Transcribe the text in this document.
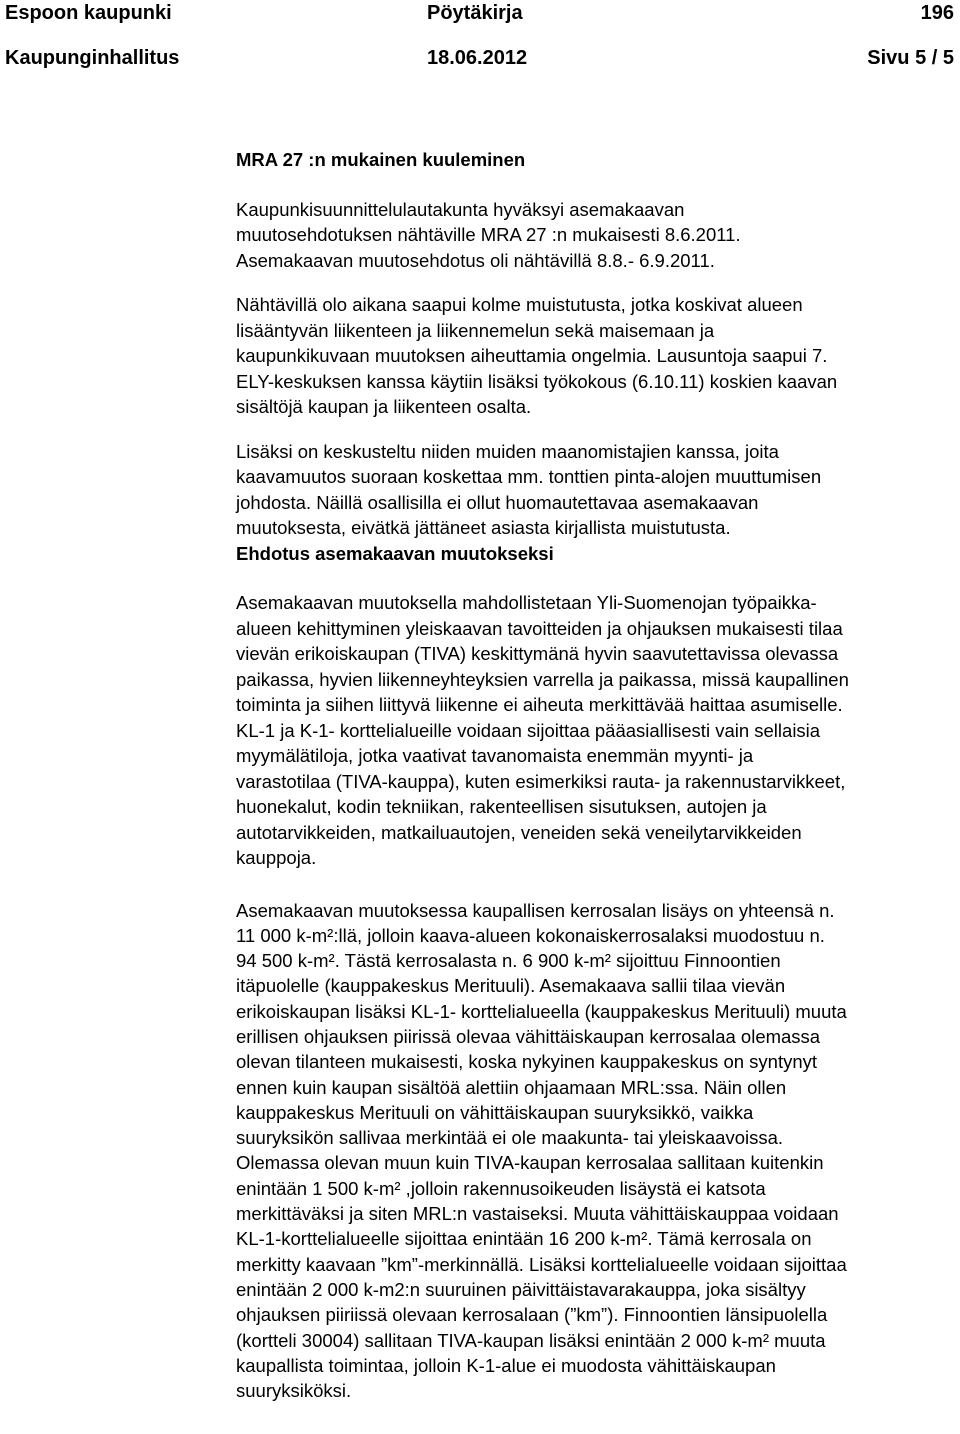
Espoon kaupunki	Pöytäkirja	196
Kaupunginhallitus	18.06.2012	Sivu 5 / 5
MRA 27 :n mukainen kuuleminen

Kaupunkisuunnittelulautakunta hyväksyi asemakaavan
muutosehdotuksen nähtäville MRA 27 :n mukaisesti 8.6.2011.
Asemakaavan muutosehdotus oli nähtävillä 8.8.- 6.9.2011.

Nähtävillä olo aikana saapui kolme muistutusta, jotka koskivat alueen
lisääntyvän liikenteen ja liikennemelun sekä maisemaan ja
kaupunkikuvaan muutoksen aiheuttamia ongelmia. Lausuntoja saapui 7.
ELY-keskuksen kanssa käytiin lisäksi työkokous (6.10.11) koskien kaavan
sisältöjä kaupan ja liikenteen osalta.

Lisäksi on keskusteltu niiden muiden maanomistajien kanssa, joita
kaavamuutos suoraan koskettaa mm. tonttien pinta-alojen muuttumisen
johdosta. Näillä osallisilla ei ollut huomautettavaa asemakaavan
muutoksesta, eivätkä jättäneet asiasta kirjallista muistutusta.

Ehdotus asemakaavan muutokseksi

Asemakaavan muutoksella mahdollistetaan Yli-Suomenojan työpaikka-
alueen kehittyminen yleiskaavan tavoitteiden ja ohjauksen mukaisesti tilaa
vievän erikoiskaupan (TIVA) keskittymänä hyvin saavutettavissa olevassa
paikassa, hyvien liikenneyhteyksien varrella ja paikassa, missä kaupallinen
toiminta ja siihen liittyvä liikenne ei aiheuta merkittävää haittaa asumiselle.
KL-1 ja K-1- korttelialueille voidaan sijoittaa pääasiallisesti vain sellaisia
myymälätiloja, jotka vaativat tavanomaista enemmän myynti- ja
varastotilaa (TIVA-kauppa), kuten esimerkiksi rauta- ja rakennustarvikkeet,
huonekalut, kodin tekniikan, rakenteellisen sisutuksen, autojen ja
autotarvikkeiden, matkailuautojen, veneiden sekä veneilytarvikkeiden
kauppoja.

Asemakaavan muutoksessa kaupallisen kerrosalan lisäys on yhteensä n.
11 000 k-m²:llä, jolloin kaava-alueen kokonaiskerrosalaksi muodostuu n.
94 500 k-m². Tästä kerrosalasta n. 6 900 k-m² sijoittuu Finnoontien
itäpuolelle (kauppakeskus Merituuli). Asemakaava sallii tilaa vievän
erikoiskaupan lisäksi KL-1- korttelialueella (kauppakeskus Merituuli) muuta
erillisen ohjauksen piirissä olevaa vähittäiskaupan kerrosalaa olemassa
olevan tilanteen mukaisesti, koska nykyinen kauppakeskus on syntynyt
ennen kuin kaupan sisältöä alettiin ohjaamaan MRL:ssa. Näin ollen
kauppakeskus Merituuli on vähittäiskaupan suuryksikkö, vaikka
suuryksikön sallivaa merkintää ei ole maakunta- tai yleiskaavoissa.
Olemassa olevan muun kuin TIVA-kaupan kerrosalaa sallitaan kuitenkin
enintään 1 500 k-m² ,jolloin rakennusoikeuden lisäystä ei katsota
merkittäväksi ja siten MRL:n vastaiseksi. Muuta vähittäiskauppaa voidaan
KL-1-korttelialueelle sijoittaa enintään 16 200 k-m². Tämä kerrosala on
merkitty kaavaan ”km”-merkinnällä. Lisäksi korttelialueelle voidaan sijoittaa
enintään 2 000 k-m2:n suuruinen päivittäistavarakauppa, joka sisältyy
ohjauksen piiriissä olevaan kerrosalaan (”km”). Finnoontien länsipuolella
(kortteli 30004) sallitaan TIVA-kaupan lisäksi enintään 2 000 k-m² muuta
kaupallista toimintaa, jolloin K-1-alue ei muodosta vähittäiskaupan
suuryksiköksi.
